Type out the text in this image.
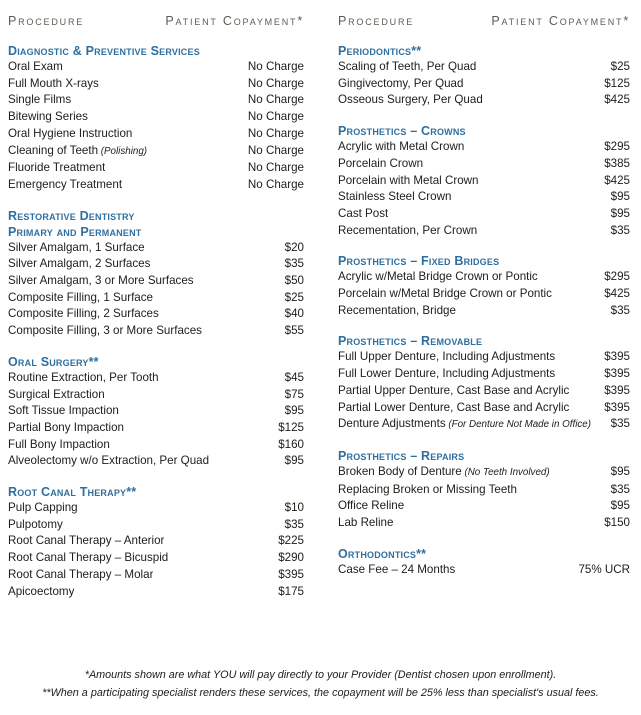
Procedure	Patient Copayment*
Diagnostic & Preventive Services
Oral Exam	No Charge
Full Mouth X-rays	No Charge
Single Films	No Charge
Bitewing Series	No Charge
Oral Hygiene Instruction	No Charge
Cleaning of Teeth (Polishing)	No Charge
Fluoride Treatment	No Charge
Emergency Treatment	No Charge
Restorative Dentistry
Primary and Permanent
Silver Amalgam, 1 Surface	$20
Silver Amalgam, 2 Surfaces	$35
Silver Amalgam, 3 or More Surfaces	$50
Composite Filling, 1 Surface	$25
Composite Filling, 2 Surfaces	$40
Composite Filling, 3 or More Surfaces	$55
Oral Surgery**
Routine Extraction, Per Tooth	$45
Surgical Extraction	$75
Soft Tissue Impaction	$95
Partial Bony Impaction	$125
Full Bony Impaction	$160
Alveolectomy w/o Extraction, Per Quad	$95
Root Canal Therapy**
Pulp Capping	$10
Pulpotomy	$35
Root Canal Therapy – Anterior	$225
Root Canal Therapy – Bicuspid	$290
Root Canal Therapy – Molar	$395
Apicoectomy	$175
Procedure	Patient Copayment*
Periodontics**
Scaling of Teeth, Per Quad	$25
Gingivectomy, Per Quad	$125
Osseous Surgery, Per Quad	$425
Prosthetics – Crowns
Acrylic with Metal Crown	$295
Porcelain Crown	$385
Porcelain with Metal Crown	$425
Stainless Steel Crown	$95
Cast Post	$95
Recementation, Per Crown	$35
Prosthetics – Fixed Bridges
Acrylic w/Metal Bridge Crown or Pontic	$295
Porcelain w/Metal Bridge Crown or Pontic	$425
Recementation, Bridge	$35
Prosthetics – Removable
Full Upper Denture, Including Adjustments	$395
Full Lower Denture, Including Adjustments	$395
Partial Upper Denture, Cast Base and Acrylic	$395
Partial Lower Denture, Cast Base and Acrylic	$395
Denture Adjustments (For Denture Not Made in Office)	$35
Prosthetics – Repairs
Broken Body of Denture (No Teeth Involved)	$95
Replacing Broken or Missing Teeth	$35
Office Reline	$95
Lab Reline	$150
Orthodontics**
Case Fee – 24 Months	75% UCR
*Amounts shown are what YOU will pay directly to your Provider (Dentist chosen upon enrollment).
**When a participating specialist renders these services, the copayment will be 25% less than specialist's usual fees.
